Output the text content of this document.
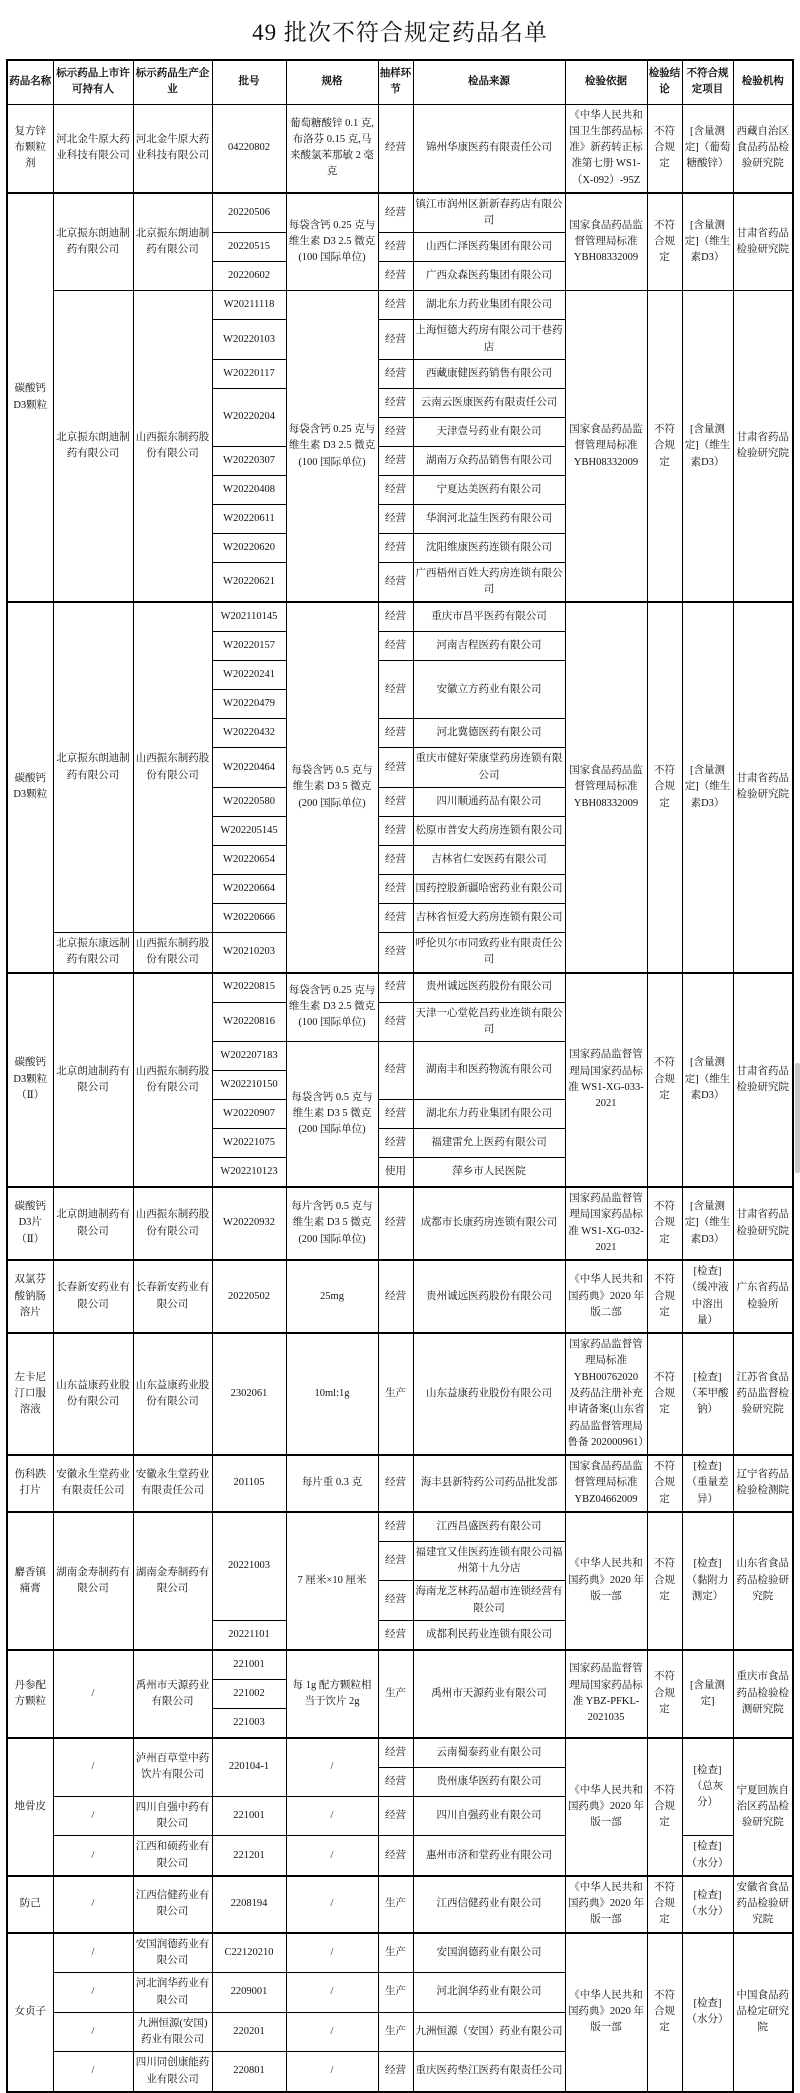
49 批次不符合规定药品名单
药品名称	标示药品上市许可持有人	标示药品生产企业	批号	规格	抽样环节	检品来源	检验依据	检验结论	不符合规定项目	检验机构
复方锌布颗粒剂	河北金牛原大药业科技有限公司	河北金牛原大药业科技有限公司	04220802	葡萄糖酸锌 0.1 克,布洛芬 0.15 克,马来酸氯苯那敏 2 毫克	经营	锦州华康医药有限责任公司	《中华人民共和国卫生部药品标准》新药转正标准第七册 WS1-（X-092）-95Z	不符合规定	[含量测定]（葡萄糖酸锌）	西藏自治区食品药品检验研究院
碳酸钙D3颗粒	北京振东朗迪制药有限公司	北京振东朗迪制药有限公司	20220506	每袋含钙 0.25 克与维生素 D3 2.5 微克(100 国际单位)	经营	镇江市润州区新新春药店有限公司	国家食品药品监督管理局标准 YBH08332009	不符合规定	[含量测定]（维生素D3）	甘肃省药品检验研究院
			20220515		经营	山西仁泽医药集团有限公司				
			20220602		经营	广西众森医药集团有限公司				
	北京振东朗迪制药有限公司	山西振东制药股份有限公司	W20211118	每袋含钙 0.25 克与维生素 D3 2.5 微克(100 国际单位)	经营	湖北东力药业集团有限公司	国家食品药品监督管理局标准 YBH08332009	不符合规定	[含量测定]（维生素D3）	甘肃省药品检验研究院
			W20220103		经营	上海恒德大药房有限公司干巷药店				
			W20220117		经营	西藏康健医药销售有限公司				
			W20220204		经营	云南云医康医药有限责任公司				
					经营	天津壹号药业有限公司				
			W20220307		经营	湖南万众药品销售有限公司				
			W20220408		经营	宁夏达美医药有限公司				
			W20220611		经营	华润河北益生医药有限公司				
			W20220620		经营	沈阳维康医药连锁有限公司				
			W20220621		经营	广西梧州百姓大药房连锁有限公司				
碳酸钙D3颗粒	北京振东朗迪制药有限公司	山西振东制药股份有限公司	W202110145	每袋含钙 0.5 克与维生素 D3 5 微克(200 国际单位)	经营	重庆市昌平医药有限公司	国家食品药品监督管理局标准 YBH08332009	不符合规定	[含量测定]（维生素D3）	甘肃省药品检验研究院
			W20220157		经营	河南吉程医药有限公司				
			W20220241		经营	安徽立方药业有限公司				
			W20220479							
			W20220432		经营	河北冀德医药有限公司				
			W20220464		经营	重庆市健好荣康堂药房连锁有限公司				
			W20220580		经营	四川顺通药品有限公司				
			W202205145		经营	松原市普安大药房连锁有限公司				
			W20220654		经营	吉林省仁安医药有限公司				
			W20220664		经营	国药控股新疆哈密药业有限公司				
			W20220666		经营	吉林省恒爱大药房连锁有限公司				
	北京振东康远制药有限公司	山西振东制药股份有限公司	W20210203		经营	呼伦贝尔市同致药业有限责任公司				
碳酸钙D3颗粒（Ⅱ）	北京朗迪制药有限公司	山西振东制药股份有限公司	W20220815	每袋含钙 0.25 克与维生素 D3 2.5 微克(100 国际单位)	经营	贵州诚远医药股份有限公司	国家药品监督管理局国家药品标准 WS1-XG-033-2021	不符合规定	[含量测定]（维生素D3）	甘肃省药品检验研究院
			W20220816		经营	天津一心堂乾昌药业连锁有限公司				
			W202207183	每袋含钙 0.5 克与维生素 D3 5 微克(200 国际单位)	经营	湖南丰和医药物流有限公司				
			W202210150							
			W20220907		经营	湖北东力药业集团有限公司				
			W20221075		经营	福建雷允上医药有限公司				
			W202210123		使用	萍乡市人民医院				
碳酸钙D3片（Ⅱ）	北京朗迪制药有限公司	山西振东制药股份有限公司	W20220932	每片含钙 0.5 克与维生素 D3 5 微克(200 国际单位)	经营	成都市长康药房连锁有限公司	国家药品监督管理局国家药品标准 WS1-XG-032-2021	不符合规定	[含量测定]（维生素D3）	甘肃省药品检验研究院
双氯芬酸钠肠溶片	长春新安药业有限公司	长春新安药业有限公司	20220502	25mg	经营	贵州诚远医药股份有限公司	《中华人民共和国药典》2020 年版二部	不符合规定	[检查]（缓冲液中溶出量）	广东省药品检验所
左卡尼汀口服溶液	山东益康药业股份有限公司	山东益康药业股份有限公司	2302061	10ml:1g	生产	山东益康药业股份有限公司	国家药品监督管理局标准 YBH00762020 及药品注册补充申请备案(山东省药品监督管理局鲁备 202000961）	不符合规定	[检查]（苯甲酸钠）	江苏省食品药品监督检验研究院
伤科跌打片	安徽永生堂药业有限责任公司	安徽永生堂药业有限责任公司	201105	每片重 0.3 克	经营	海丰县新特药公司药品批发部	国家食品药品监督管理局标准 YBZ04662009	不符合规定	[检查]（重量差异）	辽宁省药品检验检测院
麝香镇痛膏	湖南金寿制药有限公司	湖南金寿制药有限公司	20221003	7 厘米×10 厘米	经营	江西昌盛医药有限公司	《中华人民共和国药典》2020 年版一部	不符合规定	[检查]（黏附力测定）	山东省食品药品检验研究院
					经营	福建宜又佳医药连锁有限公司福州第十九分店				
					经营	海南龙芝林药品超市连锁经营有限公司				
			20221101		经营	成都利民药业连锁有限公司				
丹参配方颗粒	/	禹州市天源药业有限公司	221001	每 1g 配方颗粒相当于饮片 2g	生产	禹州市天源药业有限公司	国家药品监督管理局国家药品标准 YBZ-PFKL-2021035	不符合规定	[含量测定]	重庆市食品药品检验检测研究院
			221002							
			221003							
地骨皮	/	泸州百草堂中药饮片有限公司	220104-1	/	经营	云南蜀泰药业有限公司	《中华人民共和国药典》2020 年版一部	不符合规定	[检查]（总灰分）	宁夏回族自治区药品检验研究院
					经营	贵州康华医药有限公司				
	/	四川自强中药有限公司	221001	/	经营	四川自强药业有限公司				
	/	江西和硕药业有限公司	221201	/	经营	惠州市济和堂药业有限公司			[检查]（水分）	
防己	/	江西信健药业有限公司	2208194	/	生产	江西信健药业有限公司	《中华人民共和国药典》2020 年版一部	不符合规定	[检查]（水分）	安徽省食品药品检验研究院
女贞子	/	安国润德药业有限公司	C22120210	/	生产	安国润德药业有限公司	《中华人民共和国药典》2020 年版一部	不符合规定	[检查]（水分）	中国食品药品检定研究院
	/	河北润华药业有限公司	2209001	/	生产	河北润华药业有限公司				
	/	九洲恒源(安国)药业有限公司	220201	/	生产	九洲恒源（安国）药业有限公司				
	/	四川同创康能药业有限公司	220801	/	经营	重庆医药垫江医药有限责任公司				
